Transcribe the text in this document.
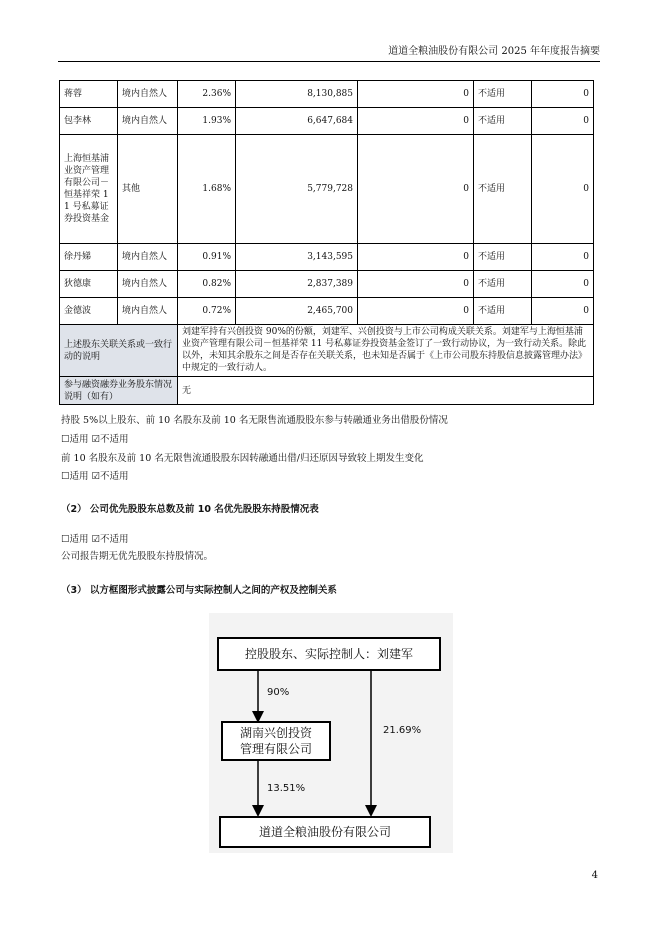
道道全粮油股份有限公司 2025 年年度报告摘要
蒋蓉	境内自然人	2.36%	8,130,885	0	不适用	0
包李林	境内自然人	1.93%	6,647,684	0	不适用	0
上海恒基浦业资产管理有限公司－恒基祥荣 11 号私募证券投资基金	其他	1.68%	5,779,728	0	不适用	0
徐丹娣	境内自然人	0.91%	3,143,595	0	不适用	0
狄德康	境内自然人	0.82%	2,837,389	0	不适用	0
金德波	境内自然人	0.72%	2,465,700	0	不适用	0
上述股东关联关系或一致行动的说明		刘建军持有兴创投资 90%的份额，刘建军、兴创投资与上市公司构成关联关系。刘建军与上海恒基浦业资产管理有限公司－恒基祥荣 11 号私募证券投资基金签订了一致行动协议，为一致行动关系。除此以外，未知其余股东之间是否存在关联关系，也未知是否属于《上市公司股东持股信息披露管理办法》中规定的一致行动人。				
参与融资融券业务股东情况说明（如有）		无				
持股 5%以上股东、前 10 名股东及前 10 名无限售流通股股东参与转融通业务出借股份情况
☐适用 ☑不适用
前 10 名股东及前 10 名无限售流通股股东因转融通出借/归还原因导致较上期发生变化
☐适用 ☑不适用
（2） 公司优先股股东总数及前 10 名优先股股东持股情况表
☐适用 ☑不适用
公司报告期无优先股股东持股情况。
（3） 以方框图形式披露公司与实际控制人之间的产权及控制关系
控股股东、实际控制人：刘建军
湖南兴创投资管理有限公司
道道全粮油股份有限公司
90%
13.51%
21.69%
4
